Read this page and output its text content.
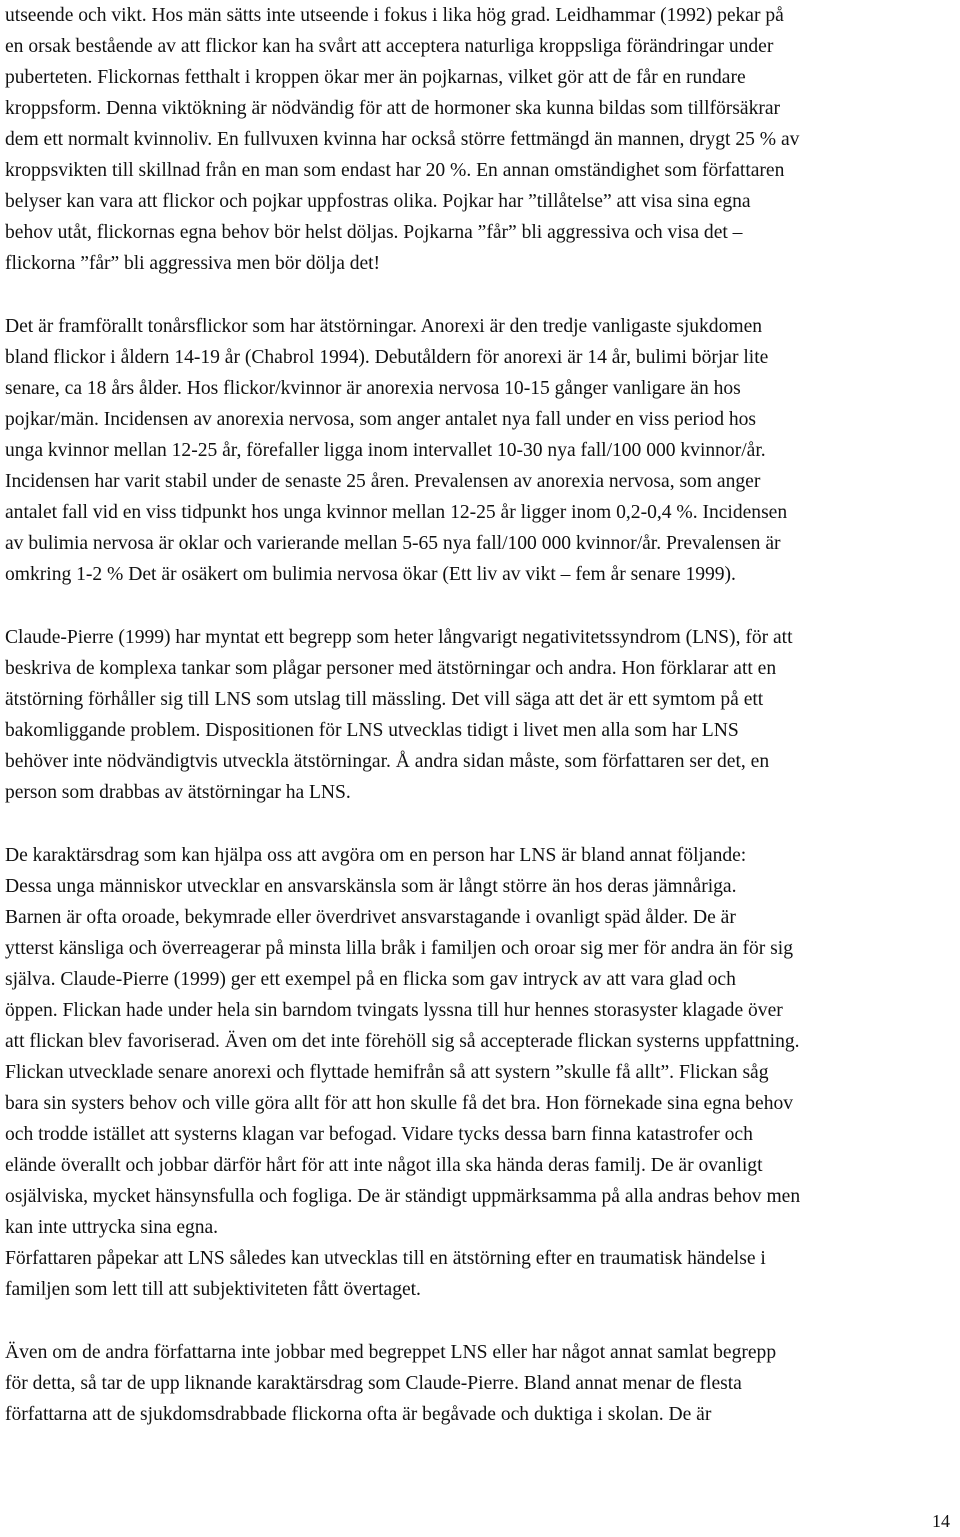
utseende och vikt. Hos män sätts inte utseende i fokus i lika hög grad. Leidhammar (1992) pekar på
en orsak bestående av att flickor kan ha svårt att acceptera naturliga kroppsliga förändringar under
puberteten. Flickornas fetthalt i kroppen ökar mer än pojkarnas, vilket gör att de får en rundare
kroppsform. Denna viktökning är nödvändig för att de hormoner ska kunna bildas som tillförsäkrar
dem ett normalt kvinnoliv. En fullvuxen kvinna har också större fettmängd än mannen, drygt 25 % av
kroppsvikten till skillnad från en man som endast har 20 %. En annan omständighet som författaren
belyser kan vara att flickor och pojkar uppfostras olika. Pojkar har ”tillåtelse” att visa sina egna
behov utåt, flickornas egna behov bör helst döljas. Pojkarna ”får” bli aggressiva och visa det –
flickorna ”får” bli aggressiva men bör dölja det!
Det är framförallt tonårsflickor som har ätstörningar. Anorexi är den tredje vanligaste sjukdomen
bland flickor i åldern 14-19 år (Chabrol 1994). Debutåldern för anorexi är 14 år, bulimi börjar lite
senare, ca 18 års ålder. Hos flickor/kvinnor är anorexia nervosa 10-15 gånger vanligare än hos
pojkar/män. Incidensen av anorexia nervosa, som anger antalet nya fall under en viss period hos
unga kvinnor mellan 12-25 år, förefaller ligga inom intervallet 10-30 nya fall/100 000 kvinnor/år.
Incidensen har varit stabil under de senaste 25 åren. Prevalensen av anorexia nervosa, som anger
antalet fall vid en viss tidpunkt hos unga kvinnor mellan 12-25 år ligger inom 0,2-0,4 %. Incidensen
av bulimia nervosa är oklar och varierande mellan 5-65 nya fall/100 000 kvinnor/år. Prevalensen är
omkring 1-2 % Det är osäkert om bulimia nervosa ökar (Ett liv av vikt – fem år senare 1999).
Claude-Pierre (1999) har myntat ett begrepp som heter långvarigt negativitetssyndrom (LNS), för att
beskriva de komplexa tankar som plågar personer med ätstörningar och andra. Hon förklarar att en
ätstörning förhåller sig till LNS som utslag till mässling. Det vill säga att det är ett symtom på ett
bakomliggande problem. Dispositionen för LNS utvecklas tidigt i livet men alla som har LNS
behöver inte nödvändigtvis utveckla ätstörningar. Å andra sidan måste, som författaren ser det, en
person som drabbas av ätstörningar ha LNS.
De karaktärsdrag som kan hjälpa oss att avgöra om en person har LNS är bland annat följande:
Dessa unga människor utvecklar en ansvarskänsla som är långt större än hos deras jämnåriga.
Barnen är ofta oroade, bekymrade eller överdrivet ansvarstagande i ovanligt späd ålder. De är
ytterst känsliga och överreagerar på minsta lilla bråk i familjen och oroar sig mer för andra än för sig
själva. Claude-Pierre (1999) ger ett exempel på en flicka som gav intryck av att vara glad och
öppen. Flickan hade under hela sin barndom tvingats lyssna till hur hennes storasyster klagade över
att flickan blev favoriserad. Även om det inte förehöll sig så accepterade flickan systerns uppfattning.
Flickan utvecklade senare anorexi och flyttade hemifrån så att systern ”skulle få allt”. Flickan såg
bara sin systers behov och ville göra allt för att hon skulle få det bra. Hon förnekade sina egna behov
och trodde istället att systerns klagan var befogad. Vidare tycks dessa barn finna katastrofer och
elände överallt och jobbar därför hårt för att inte något illa ska hända deras familj. De är ovanligt
osjälviska, mycket hänsynsfulla och fogliga. De är ständigt uppmärksamma på alla andras behov men
kan inte uttrycka sina egna.
Författaren påpekar att LNS således kan utvecklas till en ätstörning efter en traumatisk händelse i
familjen som lett till att subjektiviteten fått övertaget.
Även om de andra författarna inte jobbar med begreppet LNS eller har något annat samlat begrepp
för detta, så tar de upp liknande karaktärsdrag som Claude-Pierre. Bland annat menar de flesta
författarna att de sjukdomsdrabbade flickorna ofta är begåvade och duktiga i skolan. De är
14
